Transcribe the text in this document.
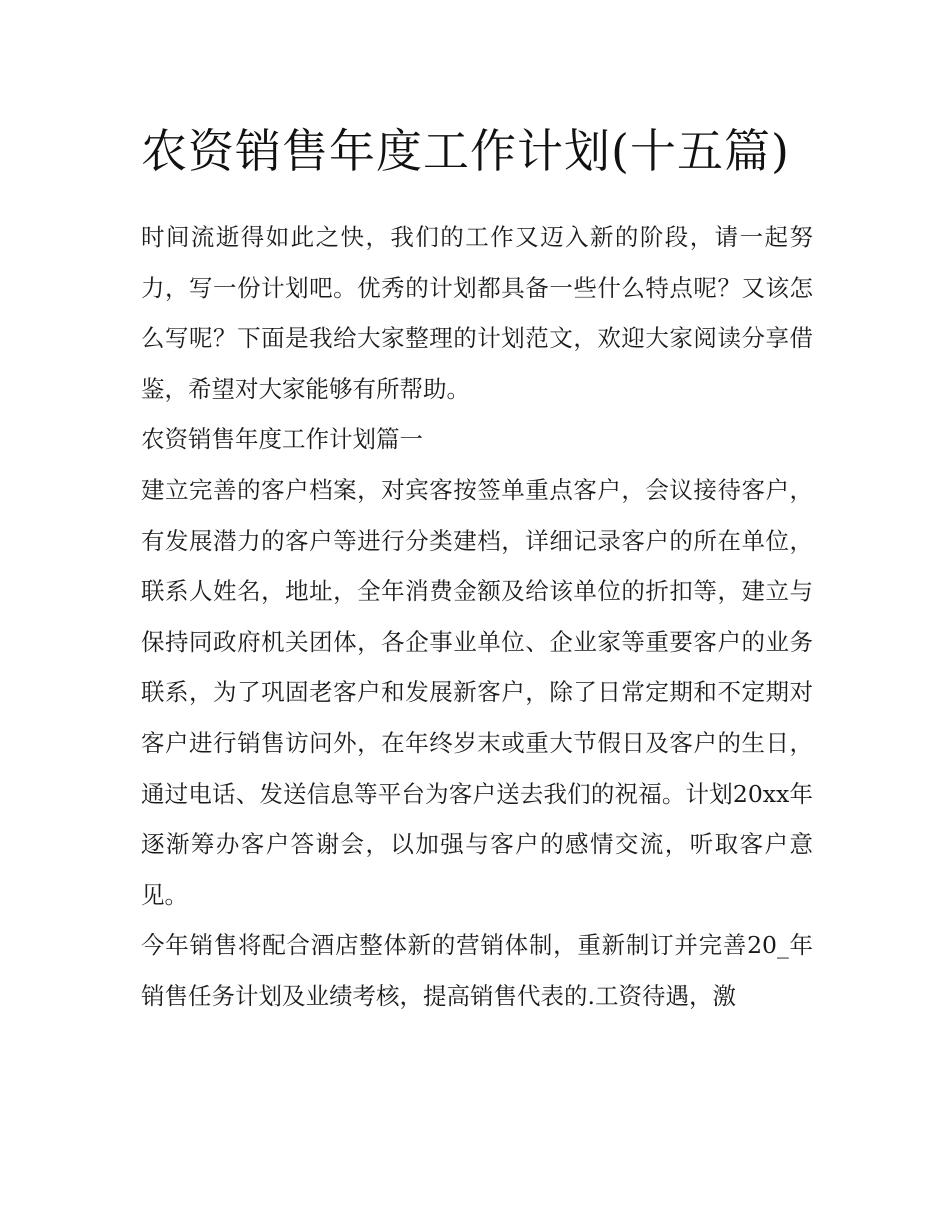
农资销售年度工作计划(十五篇)

时间流逝得如此之快，我们的工作又迈入新的阶段，请一起努力，写一份计划吧。优秀的计划都具备一些什么特点呢？又该怎么写呢？下面是我给大家整理的计划范文，欢迎大家阅读分享借鉴，希望对大家能够有所帮助。

农资销售年度工作计划篇一

建立完善的客户档案，对宾客按签单重点客户，会议接待客户，有发展潜力的客户等进行分类建档，详细记录客户的所在单位，联系人姓名，地址，全年消费金额及给该单位的折扣等，建立与保持同政府机关团体，各企事业单位、企业家等重要客户的业务联系，为了巩固老客户和发展新客户，除了日常定期和不定期对客户进行销售访问外，在年终岁末或重大节假日及客户的生日，通过电话、发送信息等平台为客户送去我们的祝福。计划20xx年逐渐筹办客户答谢会，以加强与客户的感情交流，听取客户意见。

今年销售将配合酒店整体新的营销体制，重新制订并完善20_年销售任务计划及业绩考核，提高销售代表的.工资待遇，激
